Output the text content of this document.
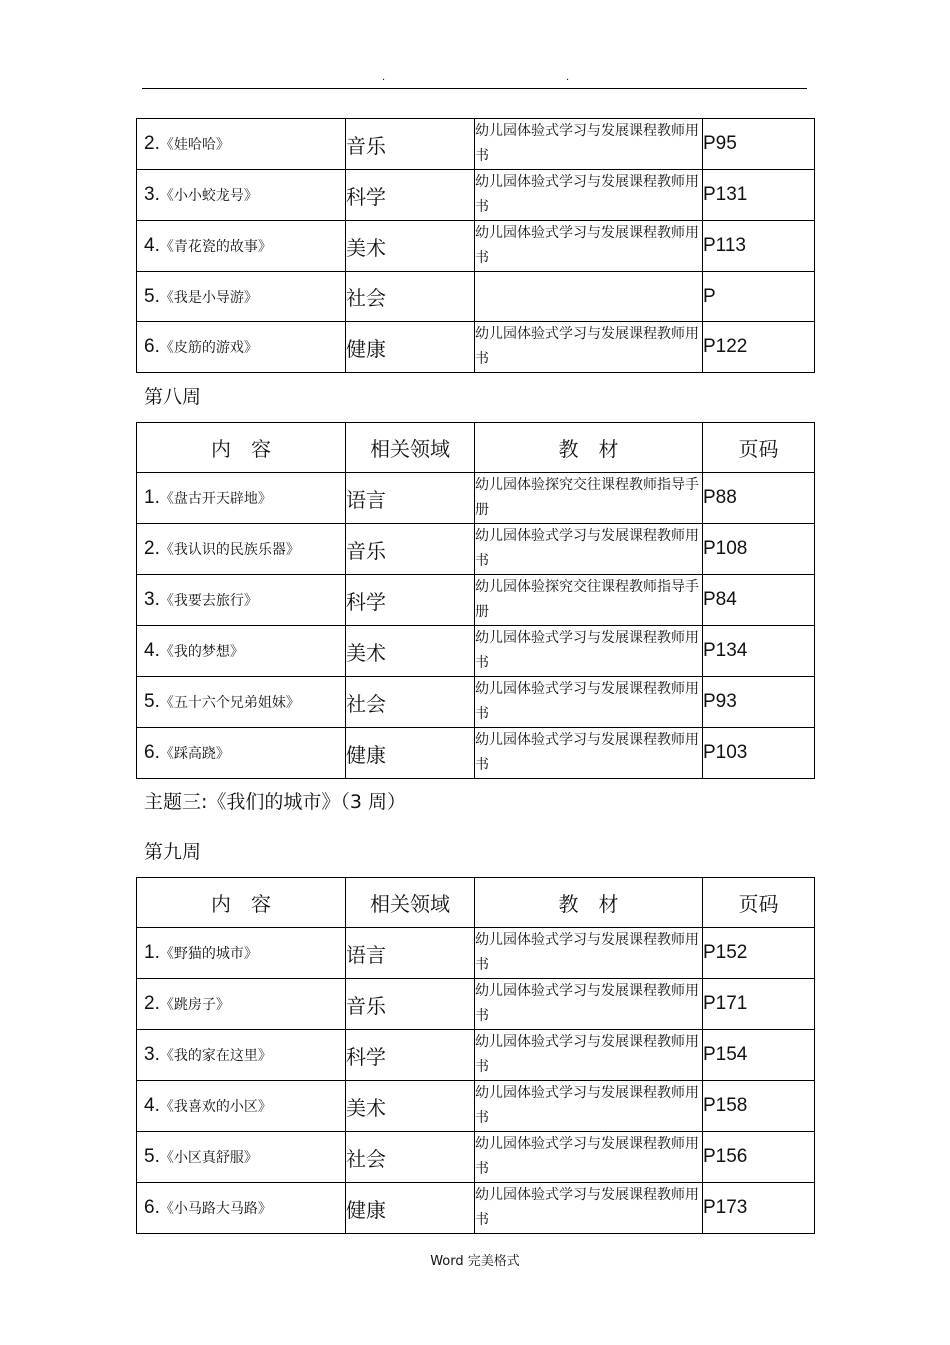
.	.
2.《娃哈哈》	音乐	幼儿园体验式学习与发展课程教师用书	P95
3.《小小蛟龙号》	科学	幼儿园体验式学习与发展课程教师用书	P131
4.《青花瓷的故事》	美术	幼儿园体验式学习与发展课程教师用书	P113
5.《我是小导游》	社会		P
6.《皮筋的游戏》	健康	幼儿园体验式学习与发展课程教师用书	P122
第八周
内　容	相关领域	教　材	页码
1.《盘古开天辟地》	语言	幼儿园体验探究交往课程教师指导手册	P88
2.《我认识的民族乐器》	音乐	幼儿园体验式学习与发展课程教师用书	P108
3.《我要去旅行》	科学	幼儿园体验探究交往课程教师指导手册	P84
4.《我的梦想》	美术	幼儿园体验式学习与发展课程教师用书	P134
5.《五十六个兄弟姐妹》	社会	幼儿园体验式学习与发展课程教师用书	P93
6.《踩高跷》	健康	幼儿园体验式学习与发展课程教师用书	P103
主题三:《我们的城市》（3 周）
第九周
内　容	相关领域	教　材	页码
1.《野猫的城市》	语言	幼儿园体验式学习与发展课程教师用书	P152
2.《跳房子》	音乐	幼儿园体验式学习与发展课程教师用书	P171
3.《我的家在这里》	科学	幼儿园体验式学习与发展课程教师用书	P154
4.《我喜欢的小区》	美术	幼儿园体验式学习与发展课程教师用书	P158
5.《小区真舒服》	社会	幼儿园体验式学习与发展课程教师用书	P156
6.《小马路大马路》	健康	幼儿园体验式学习与发展课程教师用书	P173
Word 完美格式
